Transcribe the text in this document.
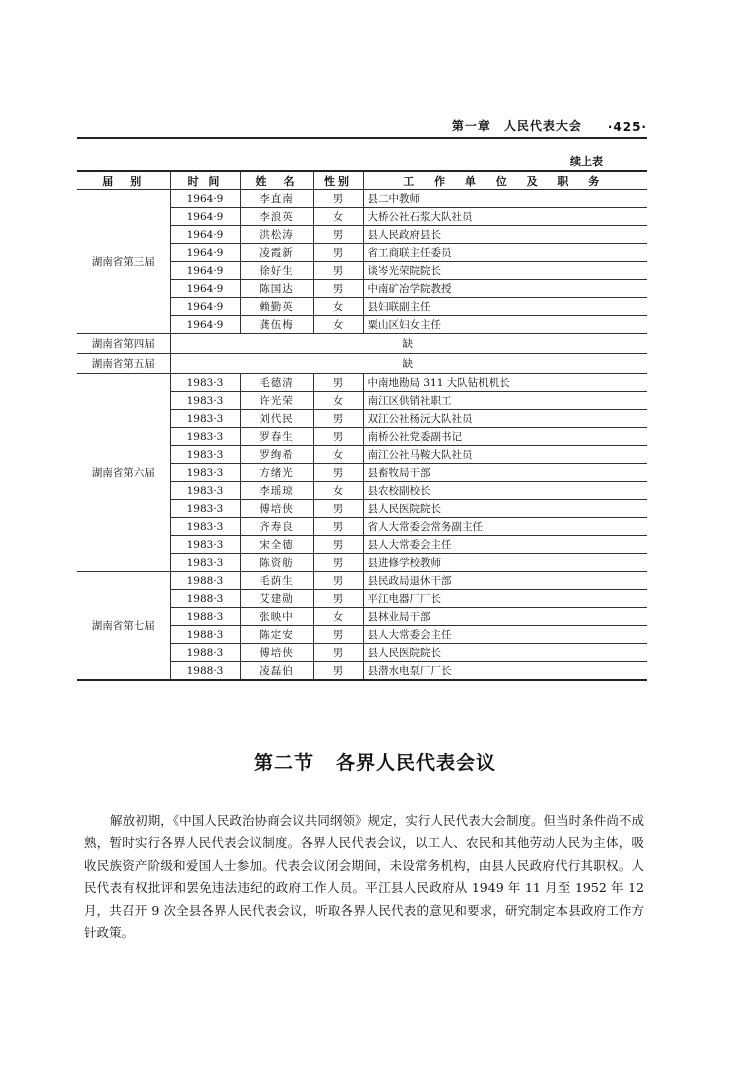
第一章　人民代表大会 ·425·
续上表
届　别	时 间	姓　名	性别	工 作 单 位 及 职 务
湖南省第三届	1964·9	李直南	男	县二中教师
	1964·9	李浪英	女	大桥公社石浆大队社员
	1964·9	洪松涛	男	县人民政府县长
	1964·9	凌霞新	男	省工商联主任委员
	1964·9	徐好生	男	谈岑光荣院院长
	1964·9	陈国达	男	中南矿冶学院教授
	1964·9	赖勤英	女	县妇联副主任
	1964·9	龚伍梅	女	粟山区妇女主任
湖南省第四届	缺			
湖南省第五届	缺			
湖南省第六届	1983·3	毛德清	男	中南地勘局 311 大队钻机机长
	1983·3	许光荣	女	南江区供销社职工
	1983·3	刘代民	男	双江公社杨沅大队社员
	1983·3	罗春生	男	南桥公社党委副书记
	1983·3	罗绚希	女	南江公社马鞍大队社员
	1983·3	方绪光	男	县畜牧局干部
	1983·3	李瑶琼	女	县农校副校长
	1983·3	傅培侠	男	县人民医院院长
	1983·3	齐寿良	男	省人大常委会常务副主任
	1983·3	宋全德	男	县人大常委会主任
	1983·3	陈资舫	男	县进修学校教师
湖南省第七届	1988·3	毛荫生	男	县民政局退休干部
	1988·3	艾建勋	男	平江电器厂厂长
	1988·3	张映中	女	县林业局干部
	1988·3	陈定安	男	县人大常委会主任
	1988·3	傅培侠	男	县人民医院院长
	1988·3	凌磊伯	男	县潜水电泵厂厂长
第二节 各界人民代表会议

解放初期，《中国人民政治协商会议共同纲领》规定，实行人民代表大会制度。但当时条件尚不成熟，暂时实行各界人民代表会议制度。各界人民代表会议，以工人、农民和其他劳动人民为主体，吸收民族资产阶级和爱国人士参加。代表会议闭会期间，未设常务机构，由县人民政府代行其职权。人民代表有权批评和罢免违法违纪的政府工作人员。平江县人民政府从 1949 年 11 月至 1952 年 12 月，共召开 9 次全县各界人民代表会议，听取各界人民代表的意见和要求，研究制定本县政府工作方针政策。
